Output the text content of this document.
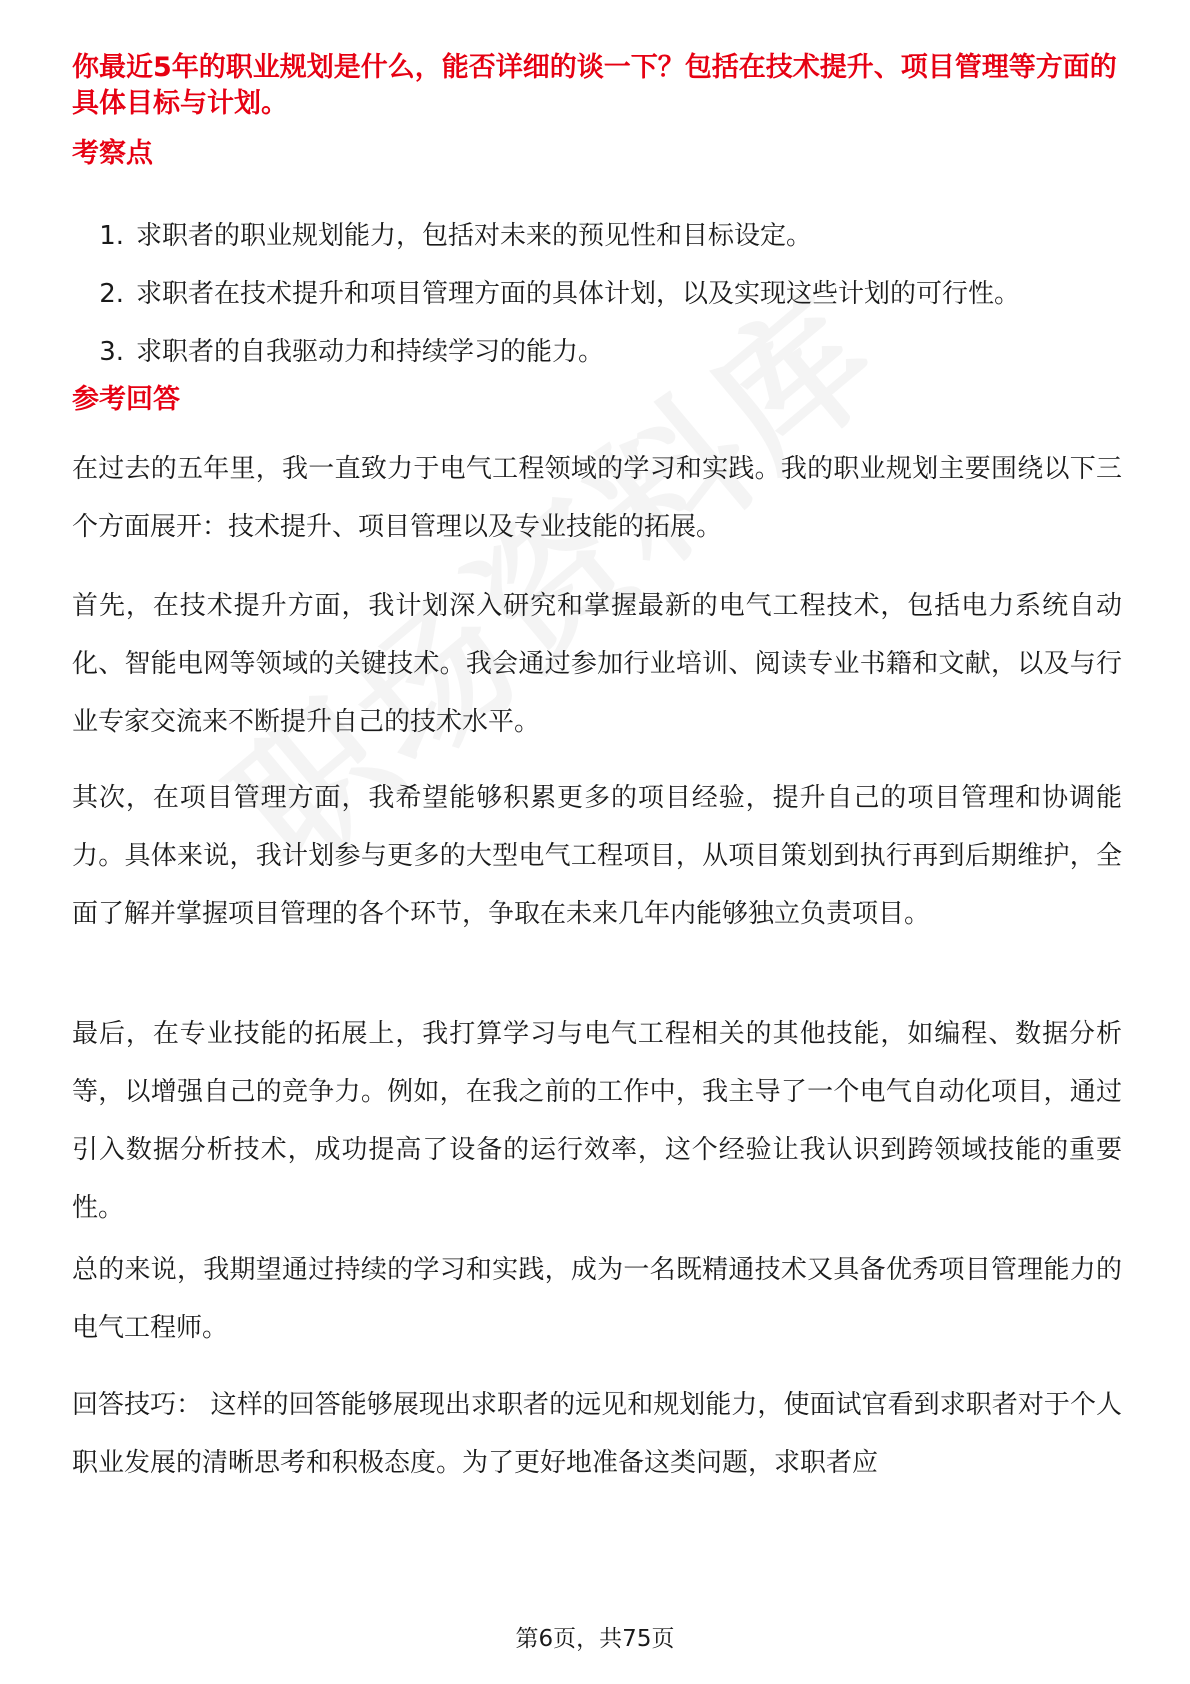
你最近5年的职业规划是什么，能否详细的谈一下？包括在技术提升、项目管理等方面的具体目标与计划。
考察点
1. 求职者的职业规划能力，包括对未来的预见性和目标设定。
2. 求职者在技术提升和项目管理方面的具体计划，以及实现这些计划的可行性。
3. 求职者的自我驱动力和持续学习的能力。
参考回答

在过去的五年里，我一直致力于电气工程领域的学习和实践。我的职业规划主要围绕以下三个方面展开：技术提升、项目管理以及专业技能的拓展。

首先，在技术提升方面，我计划深入研究和掌握最新的电气工程技术，包括电力系统自动化、智能电网等领域的关键技术。我会通过参加行业培训、阅读专业书籍和文献，以及与行业专家交流来不断提升自己的技术水平。

其次，在项目管理方面，我希望能够积累更多的项目经验，提升自己的项目管理和协调能力。具体来说，我计划参与更多的大型电气工程项目，从项目策划到执行再到后期维护，全面了解并掌握项目管理的各个环节，争取在未来几年内能够独立负责项目。

最后，在专业技能的拓展上，我打算学习与电气工程相关的其他技能，如编程、数据分析等，以增强自己的竞争力。例如，在我之前的工作中，我主导了一个电气自动化项目，通过引入数据分析技术，成功提高了设备的运行效率，这个经验让我认识到跨领域技能的重要性。

总的来说，我期望通过持续的学习和实践，成为一名既精通技术又具备优秀项目管理能力的电气工程师。

回答技巧： 这样的回答能够展现出求职者的远见和规划能力，使面试官看到求职者对于个人职业发展的清晰思考和积极态度。为了更好地准备这类问题，求职者应

第6页，共75页
